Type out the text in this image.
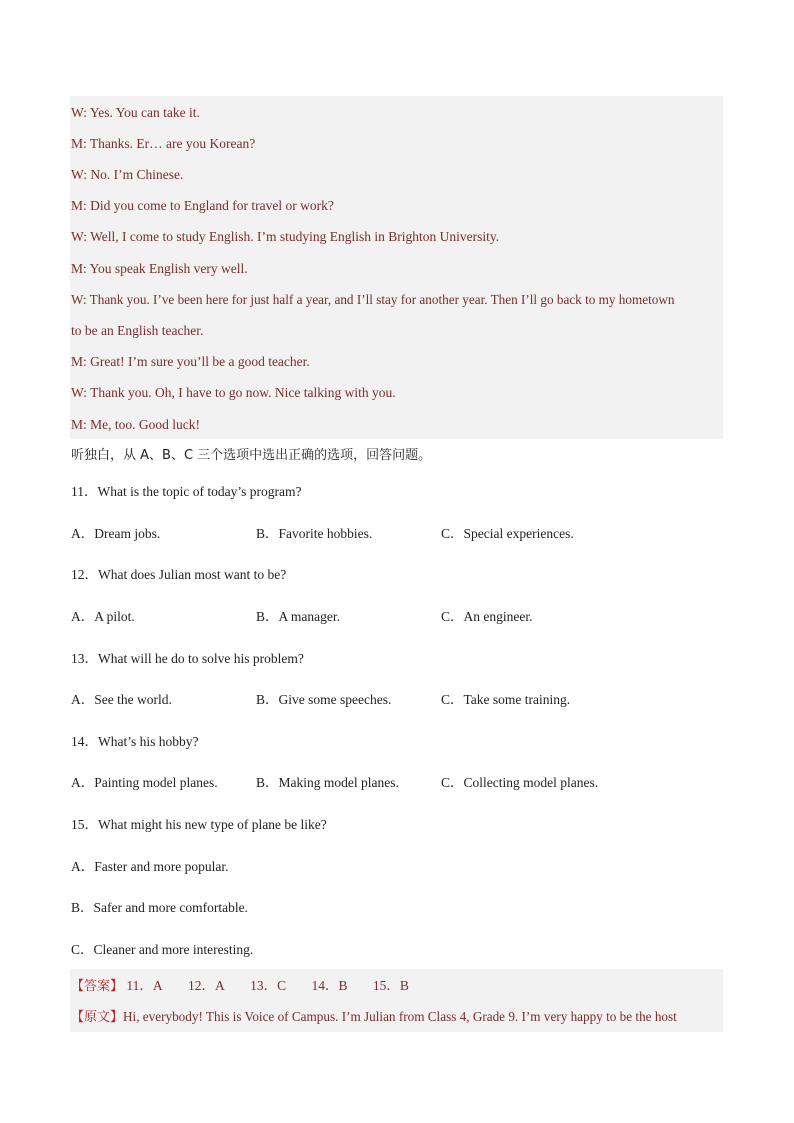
W: Yes. You can take it.
M: Thanks. Er… are you Korean?
W: No. I’m Chinese.
M: Did you come to England for travel or work?
W: Well, I come to study English. I’m studying English in Brighton University.
M: You speak English very well.
W: Thank you. I’ve been here for just half a year, and I’ll stay for another year. Then I’ll go back to my hometown
to be an English teacher.
M: Great! I’m sure you’ll be a good teacher.
W: Thank you. Oh, I have to go now. Nice talking with you.
M: Me, too. Good luck!
听独白，从 A、B、C 三个选项中选出正确的选项，回答问题。
11．What is the topic of today’s program?
A．Dream jobs.	B．Favorite hobbies.	C．Special experiences.
12．What does Julian most want to be?
A．A pilot.	B．A manager.	C．An engineer.
13．What will he do to solve his problem?
A．See the world.	B．Give some speeches.	C．Take some training.
14．What’s his hobby?
A．Painting model planes.	B．Making model planes.	C．Collecting model planes.
15．What might his new type of plane be like?
A．Faster and more popular.
B．Safer and more comfortable.
C．Cleaner and more interesting.
【答案】 11．A 12．A 13．C 14．B 15．B
【原文】Hi, everybody! This is Voice of Campus. I’m Julian from Class 4, Grade 9. I’m very happy to be the host
